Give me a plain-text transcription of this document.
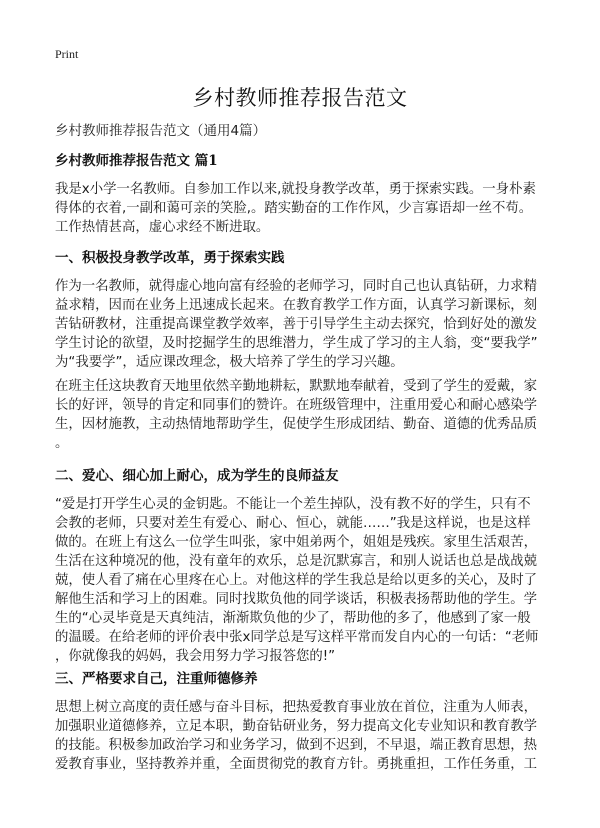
Print
乡村教师推荐报告范文
乡村教师推荐报告范文（通用4篇）
乡村教师推荐报告范文 篇1

我是x小学一名教师。自参加工作以来,就投身教学改革，勇于探索实践。一身朴素
得体的衣着,一副和蔼可亲的笑脸,。踏实勤奋的工作作风，少言寡语却一丝不苟。
工作热情甚高，虚心求经不断进取。

一、积极投身教学改革，勇于探索实践

作为一名教师，就得虚心地向富有经验的老师学习，同时自己也认真钻研，力求精
益求精，因而在业务上迅速成长起来。在教育教学工作方面，认真学习新课标，刻
苦钻研教材，注重提高课堂教学效率，善于引导学生主动去探究，恰到好处的激发
学生讨论的欲望，及时挖掘学生的思维潜力，学生成了学习的主人翁，变“要我学”
为“我要学”，适应课改理念，极大培养了学生的学习兴趣。

在班主任这块教育天地里依然辛勤地耕耘，默默地奉献着，受到了学生的爱戴，家
长的好评，领导的肯定和同事们的赞许。在班级管理中，注重用爱心和耐心感染学
生，因材施教，主动热情地帮助学生，促使学生形成团结、勤奋、道德的优秀品质
。

二、爱心、细心加上耐心，成为学生的良师益友

“爱是打开学生心灵的金钥匙。不能让一个差生掉队，没有教不好的学生，只有不
会教的老师，只要对差生有爱心、耐心、恒心，就能……”我是这样说，也是这样
做的。在班上有这么一位学生叫张，家中姐弟两个，姐姐是残疾。家里生活艰苦，
生活在这种境况的他，没有童年的欢乐，总是沉默寡言，和别人说话也总是战战兢
兢，使人看了痛在心里疼在心上。对他这样的学生我总是给以更多的关心，及时了
解他生活和学习上的困难。同时找欺负他的同学谈话，积极表扬帮助他的学生。学
生的“心灵毕竟是天真纯洁，渐渐欺负他的少了，帮助他的多了，他感到了家一般
的温暖。在给老师的评价表中张x同学总是写这样平常而发自内心的一句话：“老师
，你就像我的妈妈，我会用努力学习报答您的!”

三、严格要求自己，注重师德修养

思想上树立高度的责任感与奋斗目标，把热爱教育事业放在首位，注重为人师表，
加强职业道德修养，立足本职，勤奋钻研业务，努力提高文化专业知识和教育教学
的技能。积极参加政治学习和业务学习，做到不迟到，不早退，端正教育思想，热
爱教育事业，坚持教养并重，全面贯彻党的教育方针。勇挑重担，工作任务重，工
